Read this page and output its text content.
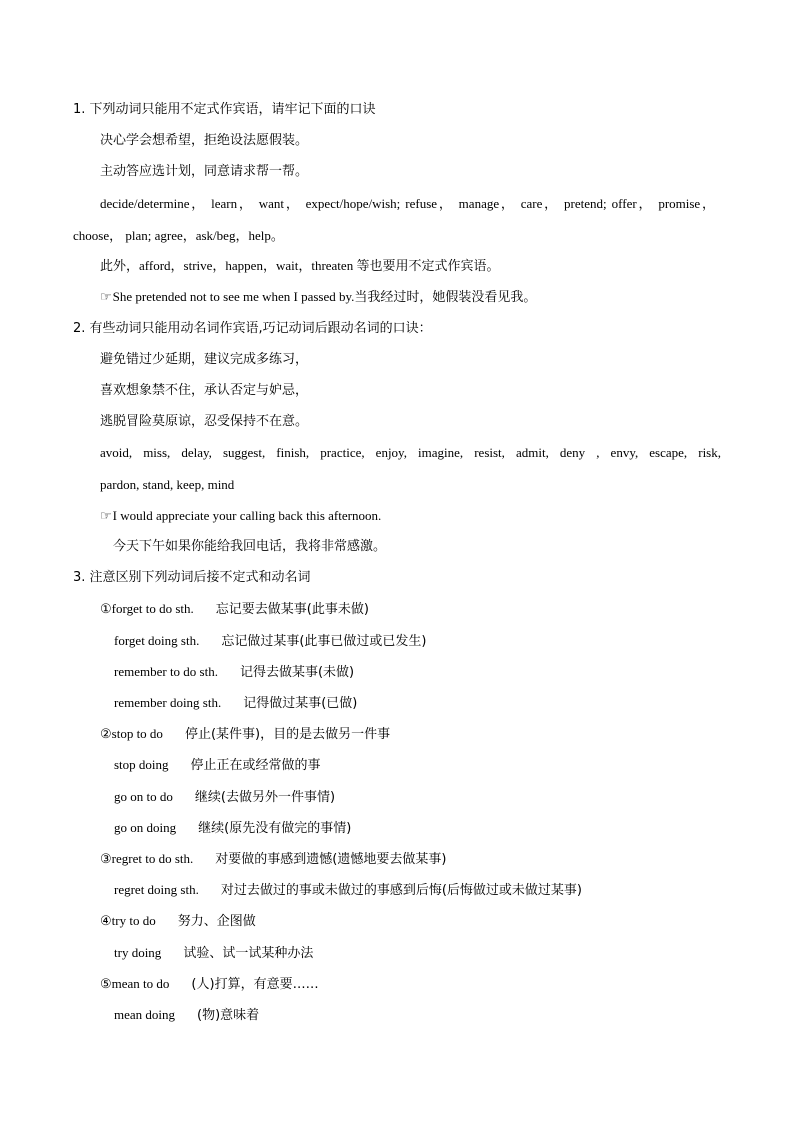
1. 下列动词只能用不定式作宾语，请牢记下面的口诀
决心学会想希望，拒绝设法愿假装。
主动答应选计划，同意请求帮一帮。
decide/determine， learn， want， expect/hope/wish; refuse， manage， care， pretend; offer， promise，
choose， plan; agree，ask/beg，help。
此外，afford，strive，happen，wait，threaten 等也要用不定式作宾语。
☞She pretended not to see me when I passed by.当我经过时，她假装没看见我。
2. 有些动词只能用动名词作宾语,巧记动词后跟动名词的口诀：
避免错过少延期，建议完成多练习，
喜欢想象禁不住，承认否定与妒忌，
逃脱冒险莫原谅，忍受保持不在意。
avoid, miss, delay, suggest, finish, practice, enjoy, imagine, resist, admit, deny , envy, escape, risk,
pardon, stand, keep, mind
☞I would appreciate your calling back this afternoon.
今天下午如果你能给我回电话，我将非常感激。
3. 注意区别下列动词后接不定式和动名词
①forget to do sth. 忘记要去做某事(此事未做)
forget doing sth. 忘记做过某事(此事已做过或已发生)
remember to do sth. 记得去做某事(未做)
remember doing sth. 记得做过某事(已做)
②stop to do 停止(某件事)，目的是去做另一件事
stop doing 停止正在或经常做的事
go on to do 继续(去做另外一件事情)
go on doing 继续(原先没有做完的事情)
③regret to do sth. 对要做的事感到遗憾(遗憾地要去做某事)
regret doing sth. 对过去做过的事或未做过的事感到后悔(后悔做过或未做过某事)
④try to do 努力、企图做
try doing 试验、试一试某种办法
⑤mean to do (人)打算，有意要……
mean doing (物)意味着
